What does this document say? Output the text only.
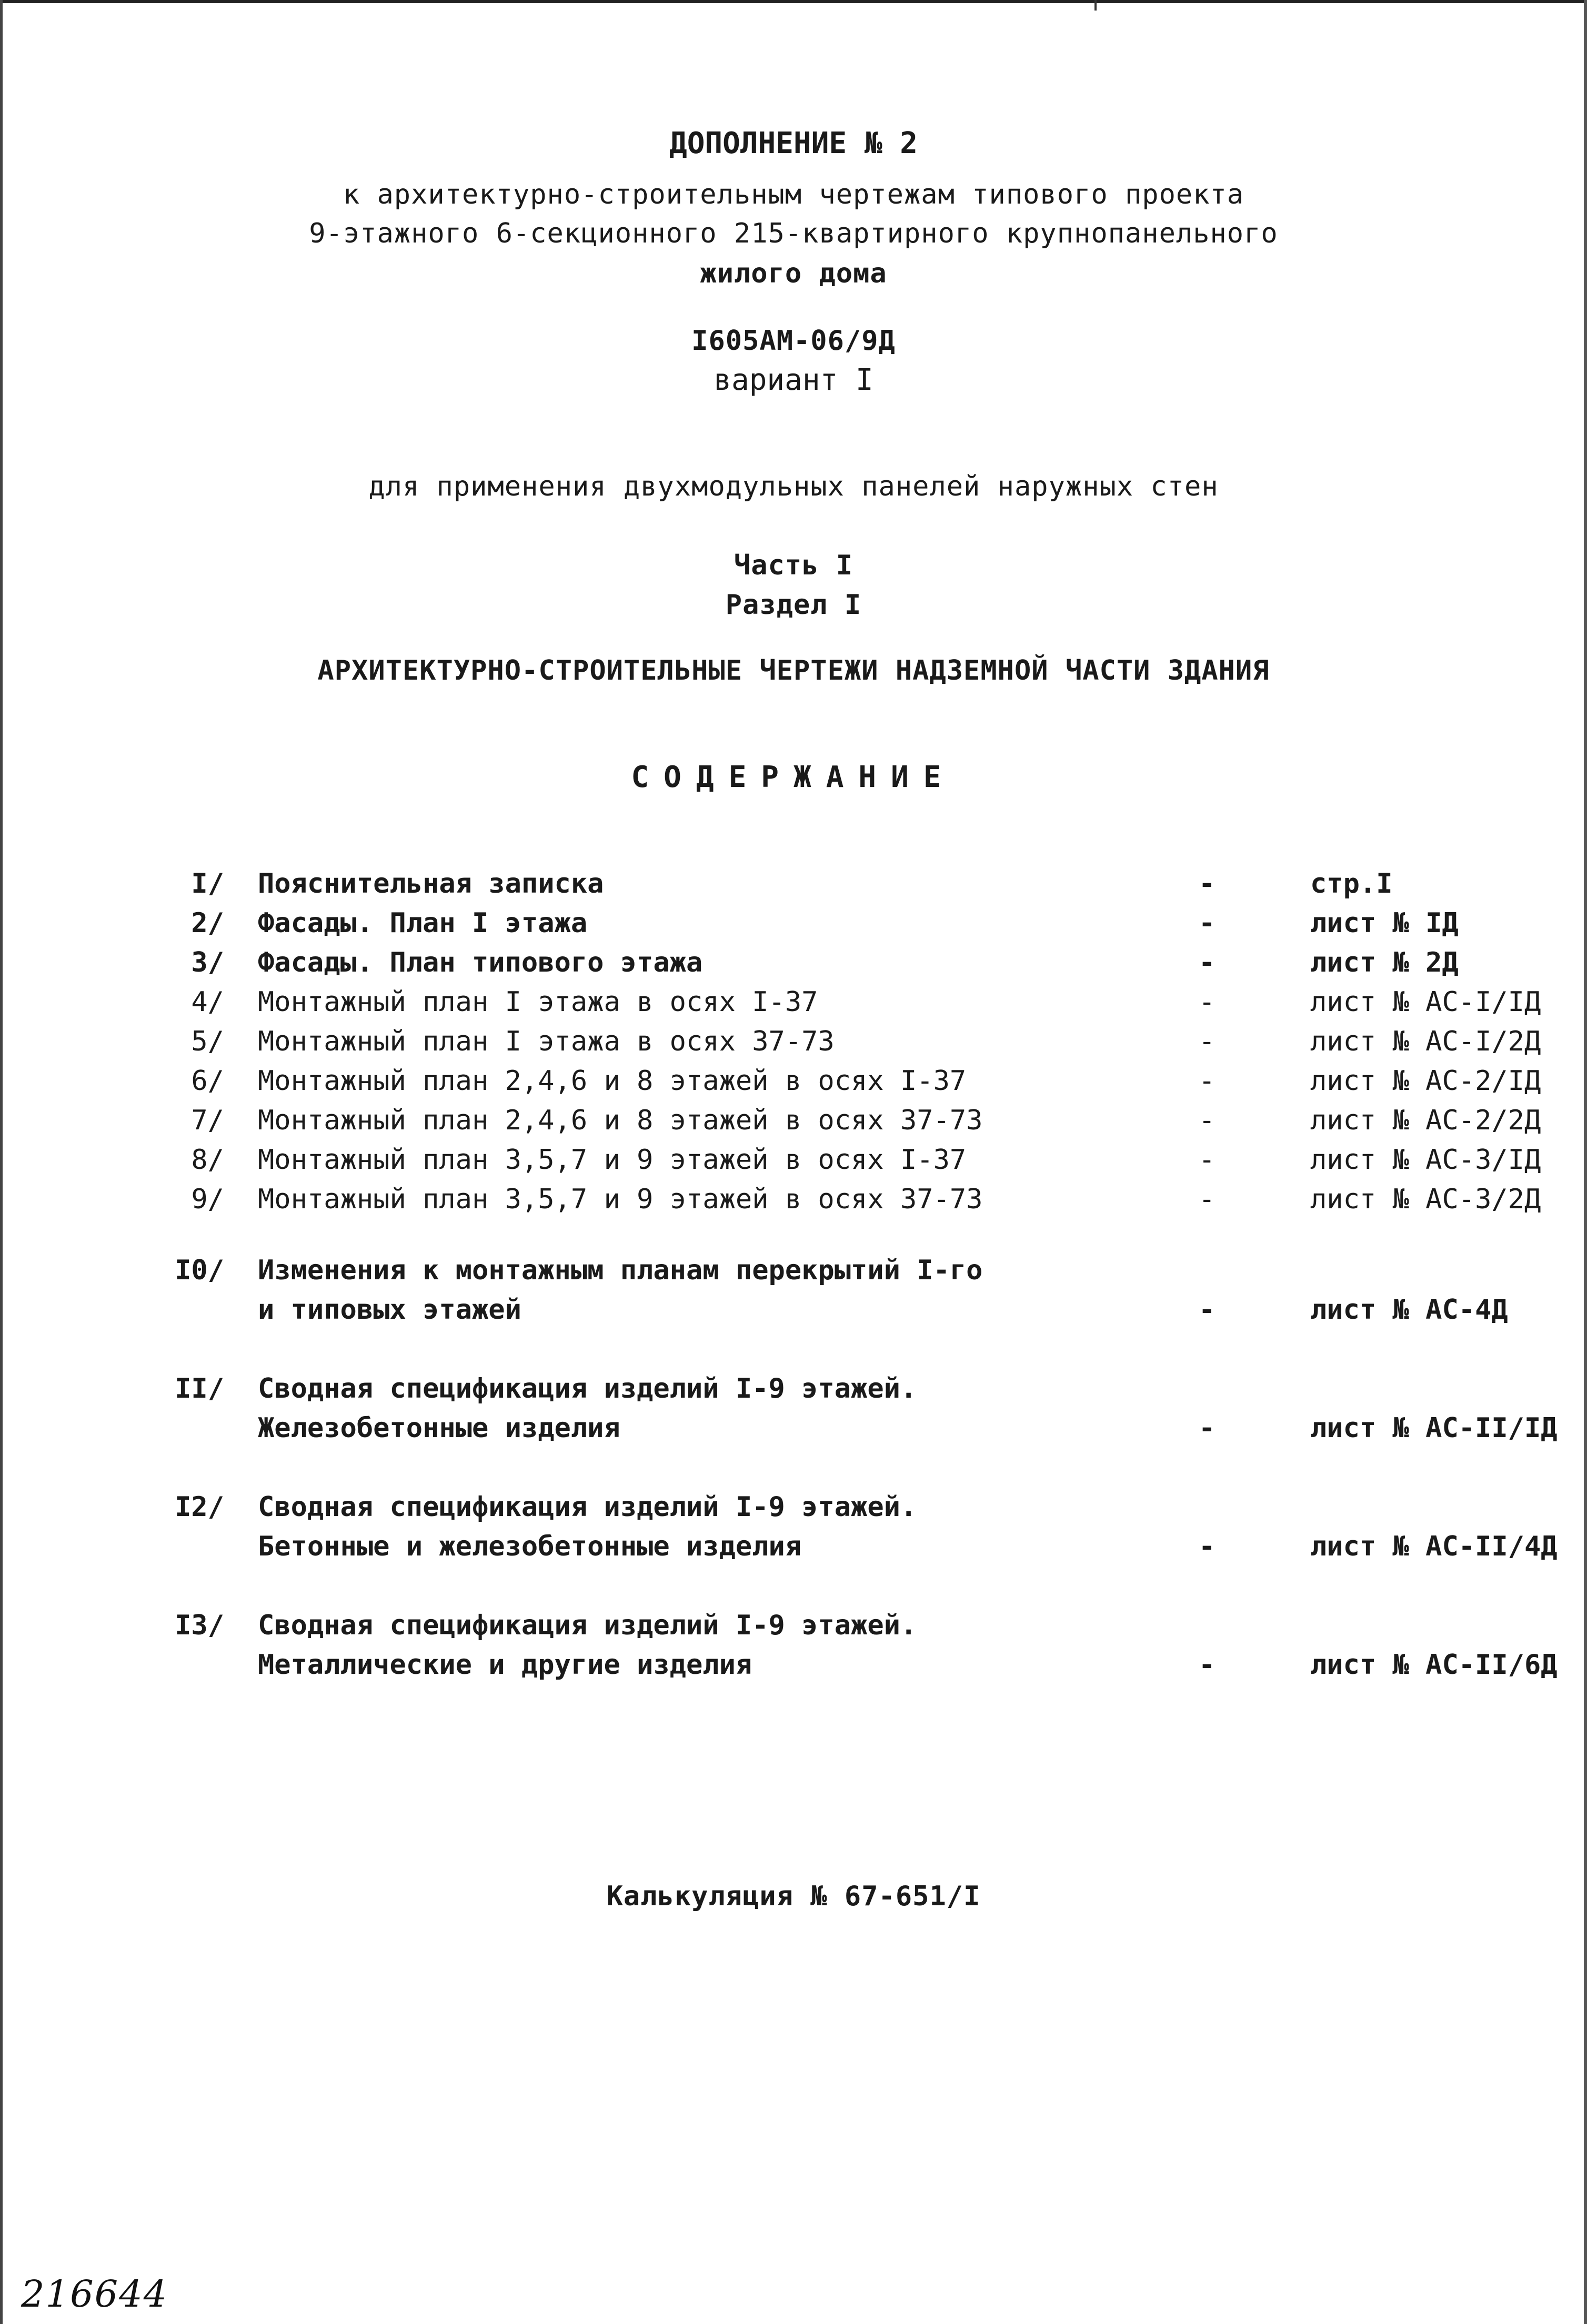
ДОПОЛНЕНИЕ № 2
к архитектурно-строительным чертежам типового проекта
9-этажного 6-секционного 215-квартирного крупнопанельного
жилого дома
I605АМ-06/9Д
вариант I
для применения двухмодульных панелей наружных стен
Часть I
Раздел I
АРХИТЕКТУРНО-СТРОИТЕЛЬНЫЕ ЧЕРТЕЖИ НАДЗЕМНОЙ ЧАСТИ ЗДАНИЯ
СОДЕРЖАНИЕ
I/ Пояснительная записка	-	стр.I
2/ Фасады. План I этажа	-	лист № IД
3/ Фасады. План типового этажа	-	лист № 2Д
4/ Монтажный план I этажа в осях I-37	-	лист № АС-I/IД
5/ Монтажный план I этажа в осях 37-73	-	лист № АС-I/2Д
6/ Монтажный план 2,4,6 и 8 этажей в осях I-37	-	лист № АС-2/IД
7/ Монтажный план 2,4,6 и 8 этажей в осях 37-73	-	лист № АС-2/2Д
8/ Монтажный план 3,5,7 и 9 этажей в осях I-37	-	лист № АС-3/IД
9/ Монтажный план 3,5,7 и 9 этажей в осях 37-73	-	лист № АС-3/2Д
I0/ Изменения к монтажным планам перекрытий I-го
и типовых этажей	-	лист № АС-4Д
II/ Сводная спецификация изделий I-9 этажей.
Железобетонные изделия	-	лист № АС-II/IД
I2/ Сводная спецификация изделий I-9 этажей.
Бетонные и железобетонные изделия	-	лист № АС-II/4Д
I3/ Сводная спецификация изделий I-9 этажей.
Металлические и другие изделия	-	лист № АС-II/6Д
Калькуляция № 67-651/I
216644
